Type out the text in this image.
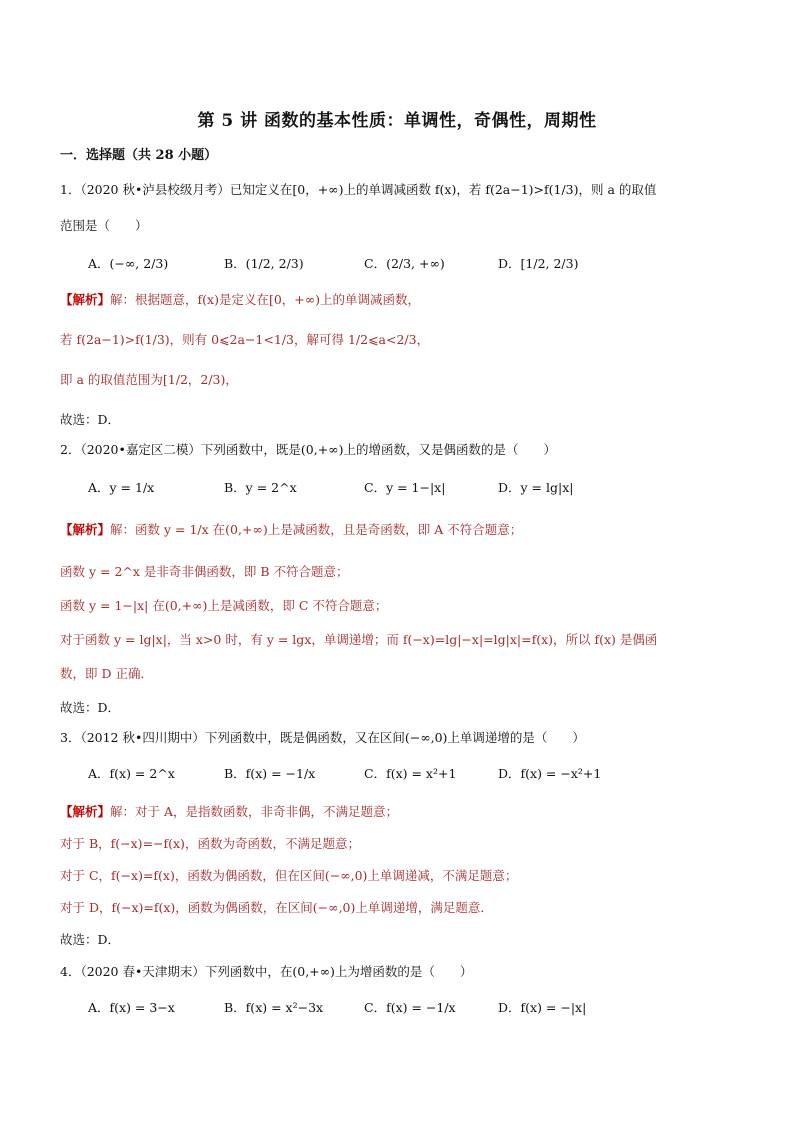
第 5 讲 函数的基本性质：单调性，奇偶性，周期性
一．选择题（共 28 小题）
1．（2020 秋•泸县校级月考）已知定义在[0，+∞)上的单调减函数 f(x)，若 f(2a−1)>f(1/3)，则 a 的取值
范围是（　　）
A．(−∞, 2/3)	B．(1/2, 2/3)	C．(2/3, +∞)	D．[1/2, 2/3)
【解析】解：根据题意，f(x)是定义在[0，+∞)上的单调减函数，
若 f(2a−1)>f(1/3)，则有 0⩽2a−1<1/3，解可得 1/2⩽a<2/3，
即 a 的取值范围为[1/2，2/3)，
故选：D．
2．（2020•嘉定区二模）下列函数中，既是(0,+∞)上的增函数，又是偶函数的是（　　）
A．y = 1/x	B．y = 2^x	C．y = 1−|x|	D．y = lg|x|
【解析】解：函数 y = 1/x 在(0,+∞)上是减函数，且是奇函数，即 A 不符合题意；
函数 y = 2^x 是非奇非偶函数，即 B 不符合题意；
函数 y = 1−|x| 在(0,+∞)上是减函数，即 C 不符合题意；
对于函数 y = lg|x|，当 x>0 时，有 y = lgx，单调递增；而 f(−x)=lg|−x|=lg|x|=f(x)，所以 f(x) 是偶函
数，即 D 正确．
故选：D．
3．（2012 秋•四川期中）下列函数中，既是偶函数，又在区间(−∞,0)上单调递增的是（　　）
A．f(x) = 2^x	B．f(x) = −1/x	C．f(x) = x²+1	D．f(x) = −x²+1
【解析】解：对于 A，是指数函数，非奇非偶，不满足题意；
对于 B，f(−x)=−f(x)，函数为奇函数，不满足题意；
对于 C，f(−x)=f(x)，函数为偶函数，但在区间(−∞,0)上单调递减，不满足题意；
对于 D，f(−x)=f(x)，函数为偶函数，在区间(−∞,0)上单调递增，满足题意．
故选：D．
4．（2020 春•天津期末）下列函数中，在(0,+∞)上为增函数的是（　　）
A．f(x) = 3−x	B．f(x) = x²−3x	C．f(x) = −1/x	D．f(x) = −|x|
